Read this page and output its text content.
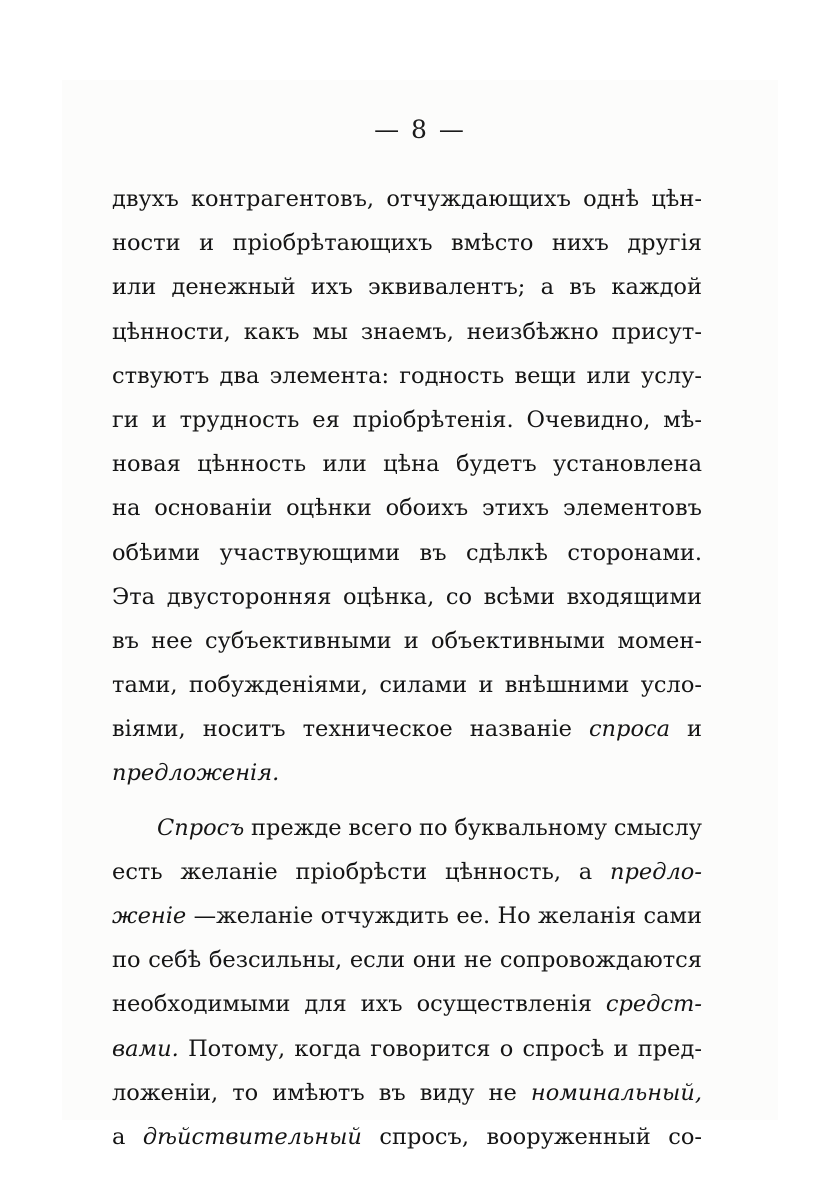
— 8 —
двухъ контрагентовъ, отчуждающихъ однѣ цѣн-
ности и пріобрѣтающихъ вмѣсто нихъ другія
или денежный ихъ эквивалентъ; а въ каждой
цѣнности, какъ мы знаемъ, неизбѣжно присут-
ствуютъ два элемента: годность вещи или услу-
ги и трудность ея пріобрѣтенія. Очевидно, мѣ-
новая цѣнность или цѣна будетъ установлена
на основаніи оцѣнки обоихъ этихъ элементовъ
обѣими участвующими въ сдѣлкѣ сторонами.
Эта двусторонняя оцѣнка, со всѣми входящими
въ нее субъективными и объективными момен-
тами, побужденіями, силами и внѣшними усло-
віями, носитъ техническое названіе спроса и
предложенія.
Спросъ прежде всего по буквальному смыслу
есть желаніе пріобрѣсти цѣнность, а предло-
женіе —желаніе отчуждить ее. Но желанія сами
по себѣ безсильны, если они не сопровождаются
необходимыми для ихъ осуществленія средст-
вами. Потому, когда говорится о спросѣ и пред-
ложеніи, то имѣютъ въ виду не номинальный,
а дѣйствительный спросъ, вооруженный со-
